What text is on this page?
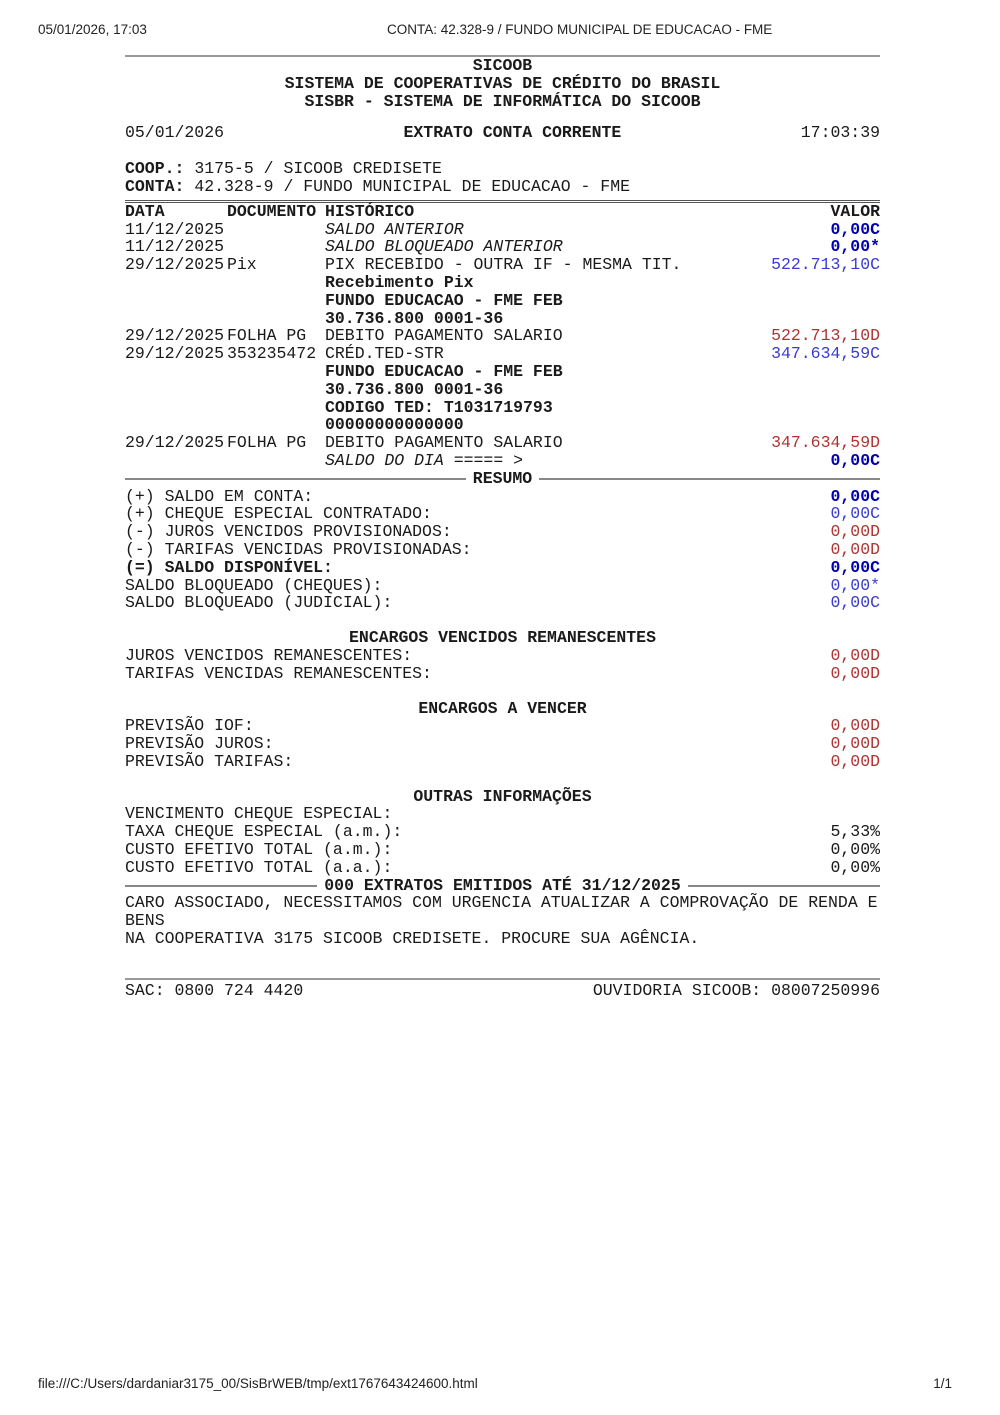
05/01/2026, 17:03	CONTA: 42.328-9 / FUNDO MUNICIPAL DE EDUCACAO - FME
SICOOB
SISTEMA DE COOPERATIVAS DE CRÉDITO DO BRASIL
SISBR - SISTEMA DE INFORMÁTICA DO SICOOB
05/01/2026	EXTRATO CONTA CORRENTE	17:03:39
COOP.: 3175-5 / SICOOB CREDISETE
CONTA: 42.328-9 / FUNDO MUNICIPAL DE EDUCACAO - FME
DATA	DOCUMENTO HISTÓRICO	VALOR
11/12/2025	SALDO ANTERIOR	0,00C
11/12/2025	SALDO BLOQUEADO ANTERIOR	0,00*
29/12/2025 Pix	PIX RECEBIDO - OUTRA IF - MESMA TIT.	522.713,10C
Recebimento Pix
FUNDO EDUCACAO - FME FEB
30.736.800 0001-36
29/12/2025 FOLHA PG	DEBITO PAGAMENTO SALARIO	522.713,10D
29/12/2025 353235472 CRÉD.TED-STR	347.634,59C
FUNDO EDUCACAO - FME FEB
30.736.800 0001-36
CODIGO TED: T1031719793
00000000000000
29/12/2025 FOLHA PG	DEBITO PAGAMENTO SALARIO	347.634,59D
SALDO DO DIA ===== >	0,00C
RESUMO
(+) SALDO EM CONTA:	0,00C
(+) CHEQUE ESPECIAL CONTRATADO:	0,00C
(-) JUROS VENCIDOS PROVISIONADOS:	0,00D
(-) TARIFAS VENCIDAS PROVISIONADAS:	0,00D
(=) SALDO DISPONÍVEL:	0,00C
SALDO BLOQUEADO (CHEQUES):	0,00*
SALDO BLOQUEADO (JUDICIAL):	0,00C
ENCARGOS VENCIDOS REMANESCENTES
JUROS VENCIDOS REMANESCENTES:	0,00D
TARIFAS VENCIDAS REMANESCENTES:	0,00D
ENCARGOS A VENCER
PREVISÃO IOF:	0,00D
PREVISÃO JUROS:	0,00D
PREVISÃO TARIFAS:	0,00D
OUTRAS INFORMAÇÕES
VENCIMENTO CHEQUE ESPECIAL:
TAXA CHEQUE ESPECIAL (a.m.):	5,33%
CUSTO EFETIVO TOTAL (a.m.):	0,00%
CUSTO EFETIVO TOTAL (a.a.):	0,00%
000 EXTRATOS EMITIDOS ATÉ 31/12/2025
CARO ASSOCIADO, NECESSITAMOS COM URGENCIA ATUALIZAR A COMPROVAÇÃO DE RENDA E BENS
NA COOPERATIVA 3175 SICOOB CREDISETE. PROCURE SUA AGÊNCIA.
SAC: 0800 724 4420	OUVIDORIA SICOOB: 08007250996
file:///C:/Users/dardaniar3175_00/SisBrWEB/tmp/ext1767643424600.html	1/1
